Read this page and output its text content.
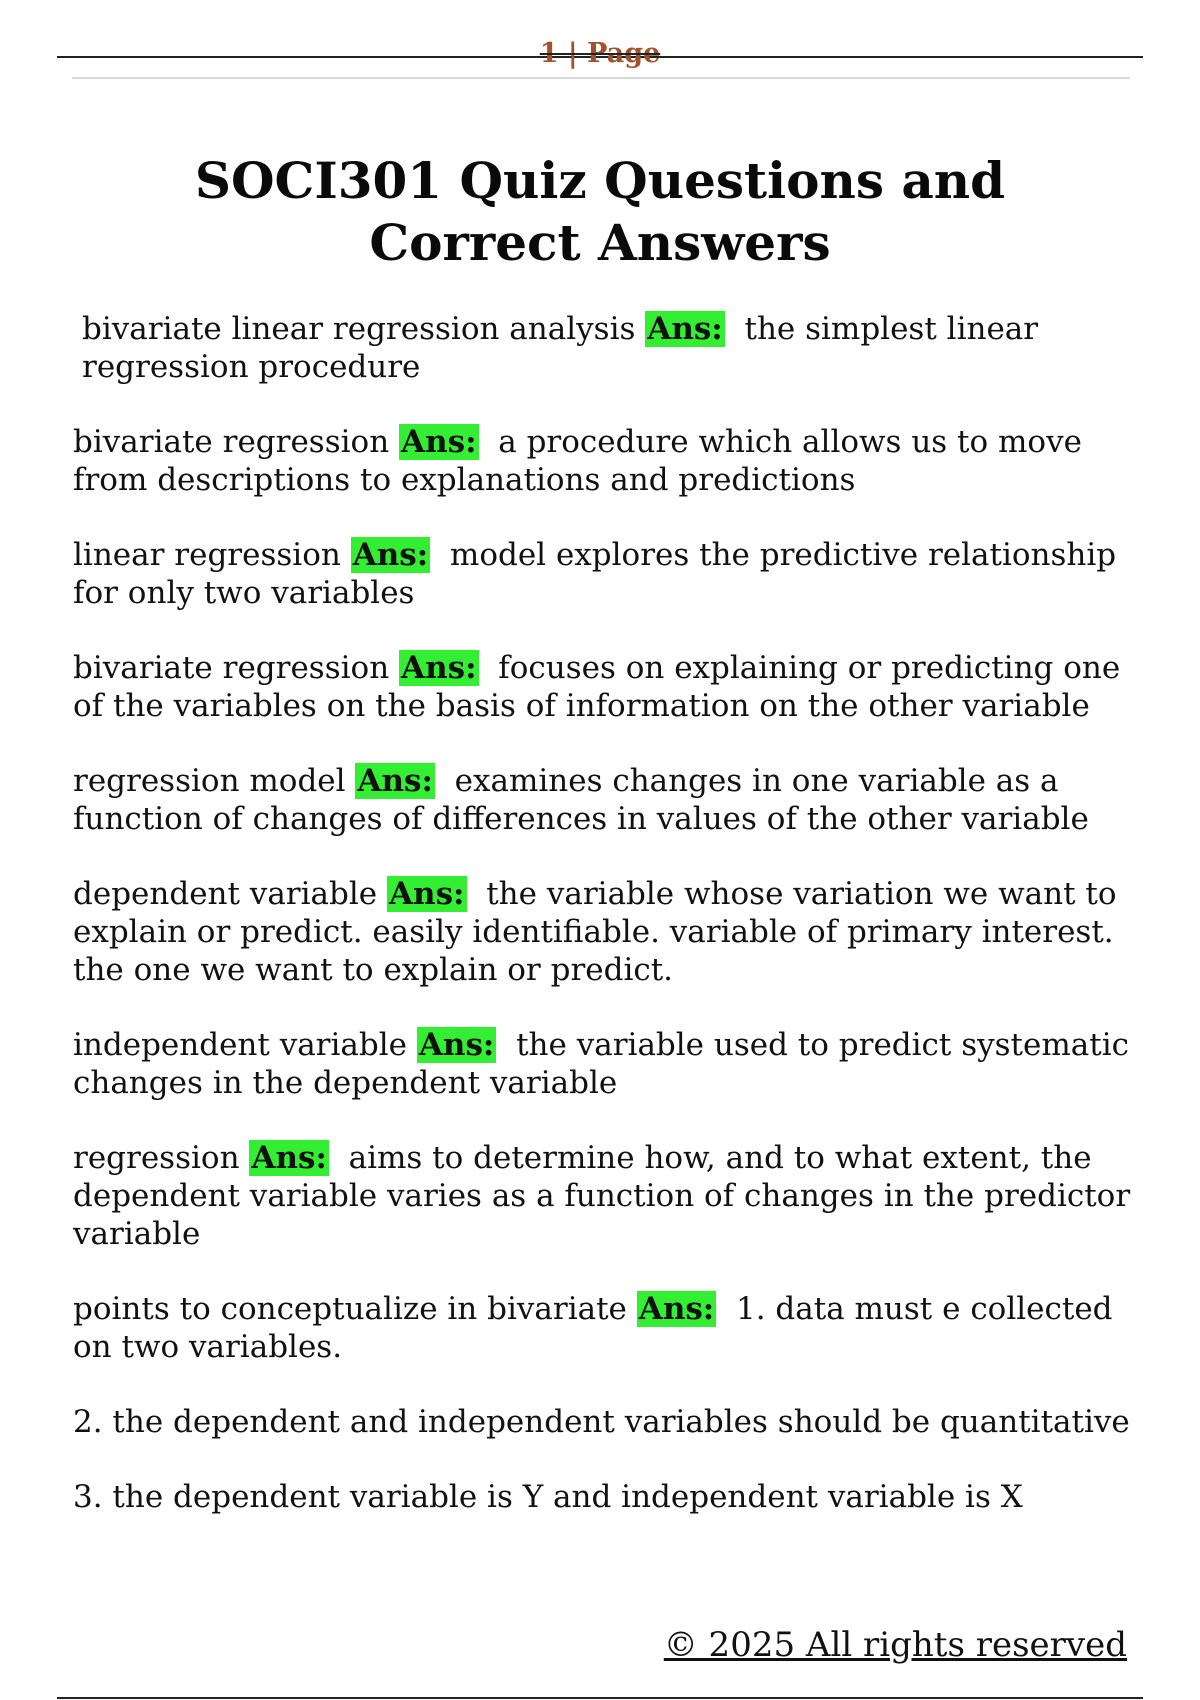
1 | Page
SOCI301 Quiz Questions and Correct Answers

bivariate linear regression analysis Ans: the simplest linear regression procedure

bivariate regression Ans: a procedure which allows us to move from descriptions to explanations and predictions

linear regression Ans: model explores the predictive relationship for only two variables

bivariate regression Ans: focuses on explaining or predicting one of the variables on the basis of information on the other variable

regression model Ans: examines changes in one variable as a function of changes of differences in values of the other variable

dependent variable Ans: the variable whose variation we want to explain or predict. easily identifiable. variable of primary interest. the one we want to explain or predict.

independent variable Ans: the variable used to predict systematic changes in the dependent variable

regression Ans: aims to determine how, and to what extent, the dependent variable varies as a function of changes in the predictor variable

points to conceptualize in bivariate Ans: 1. data must e collected on two variables.

2. the dependent and independent variables should be quantitative

3. the dependent variable is Y and independent variable is X

© 2025 All rights reserved
